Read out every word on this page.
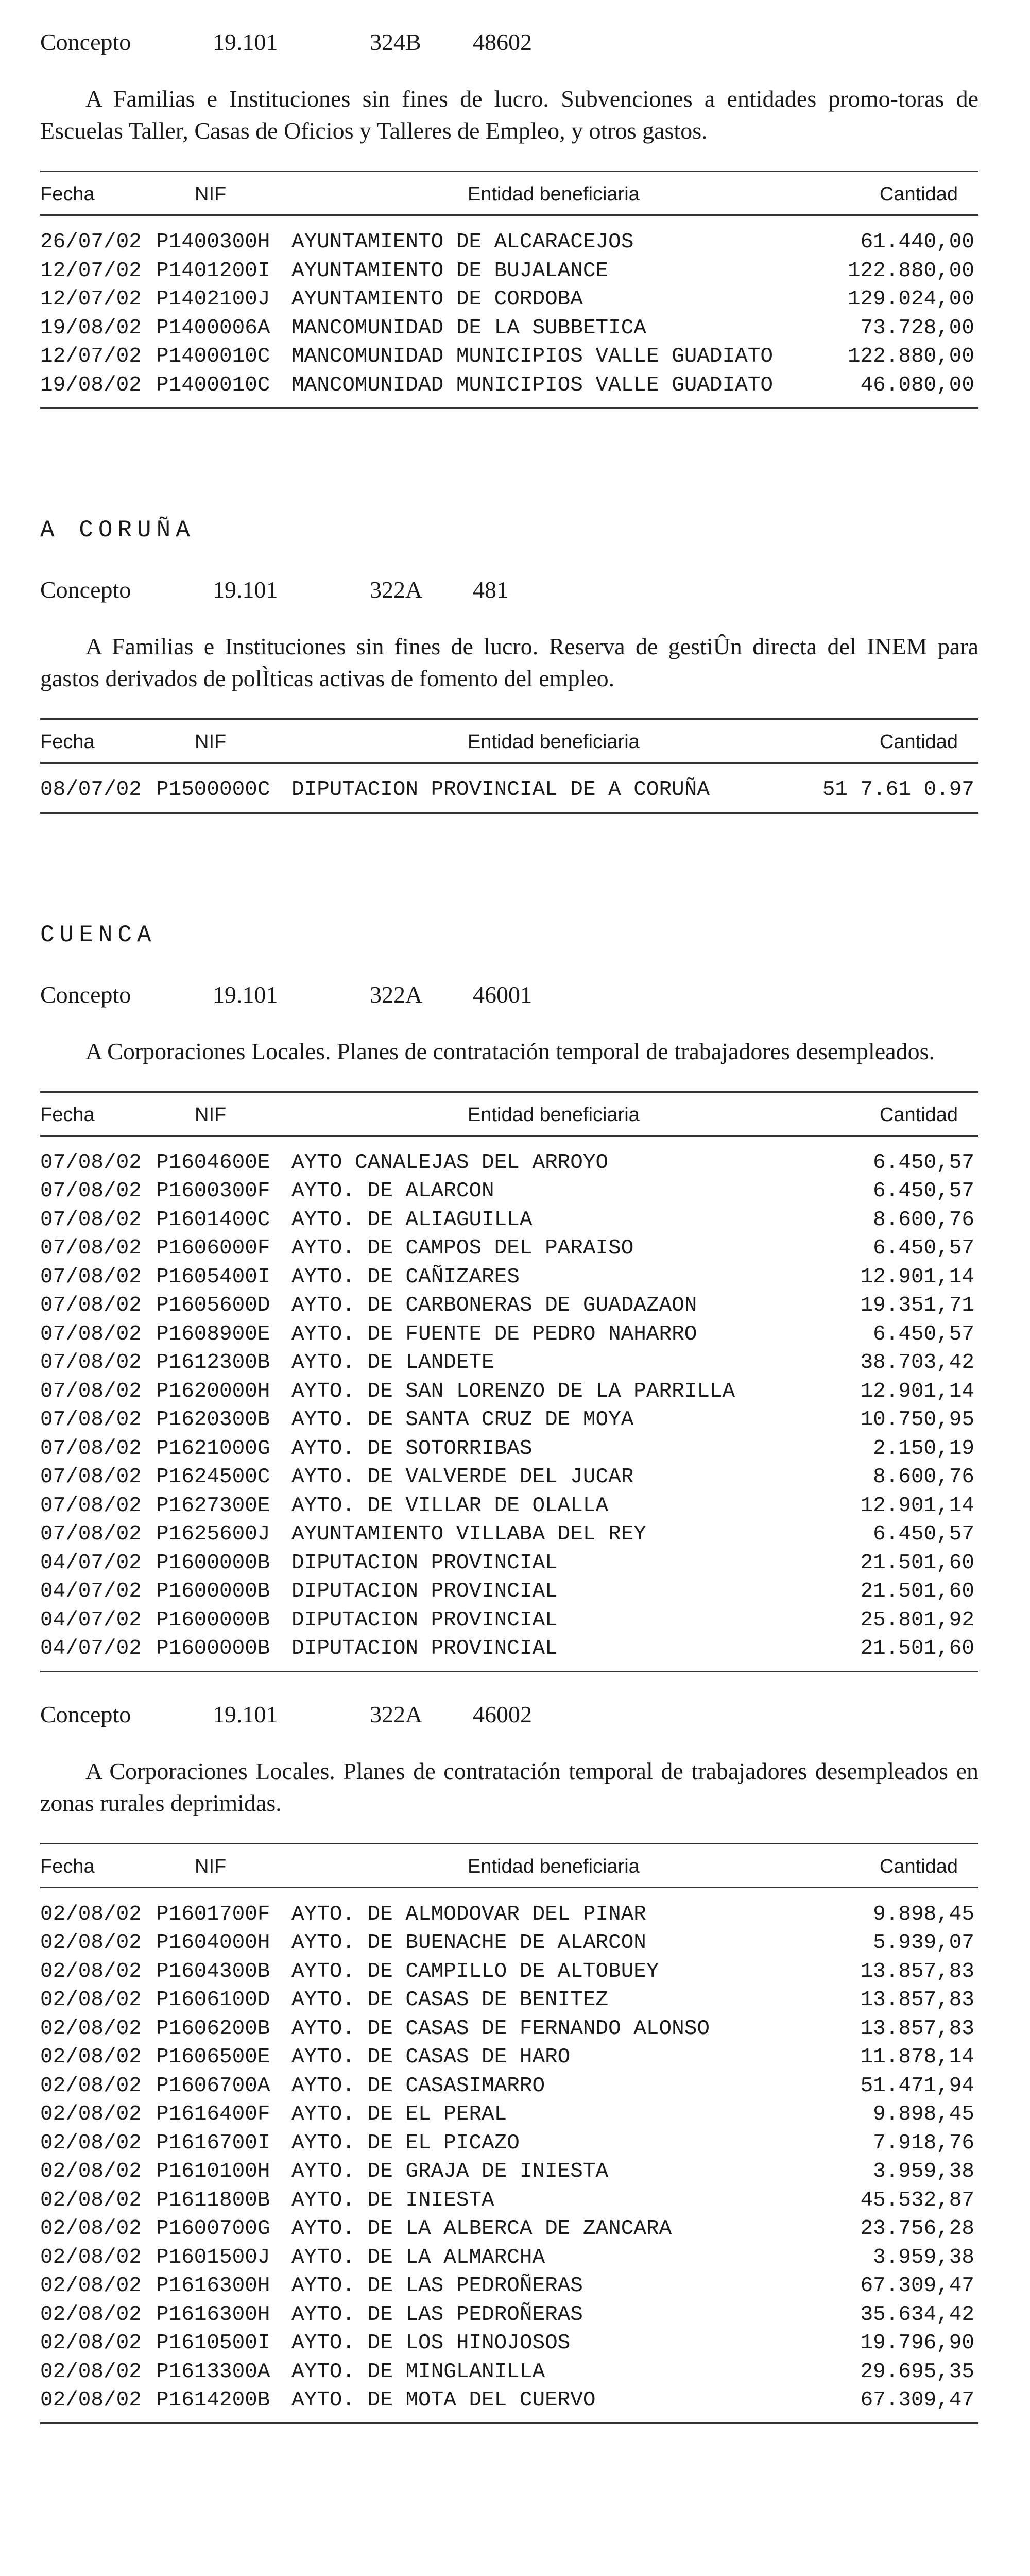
Concepto	19.101	324B 48602

A Familias e Instituciones sin fines de lucro. Subvenciones a entidades promo-toras de Escuelas Taller, Casas de Oficios y Talleres de Empleo, y otros gastos.

Fecha	NIF	Entidad beneficiaria	Cantidad
26/07/02 P1400300H AYUNTAMIENTO DE ALCARACEJOS	61.440,00
12/07/02 P1401200I AYUNTAMIENTO DE BUJALANCE	122.880,00
12/07/02 P1402100J AYUNTAMIENTO DE CORDOBA	129.024,00
19/08/02 P1400006A MANCOMUNIDAD DE LA SUBBETICA	73.728,00
12/07/02 P1400010C MANCOMUNIDAD MUNICIPIOS VALLE GUADIATO	122.880,00
19/08/02 P1400010C MANCOMUNIDAD MUNICIPIOS VALLE GUADIATO	46.080,00
A CORUÑA
Concepto	19.101	322A 481

A Familias e Instituciones sin fines de lucro. Reserva de gestiÛn directa del INEM para gastos derivados de polÌticas activas de fomento del empleo.

Fecha	NIF	Entidad beneficiaria	Cantidad
08/07/02 P1500000C DIPUTACION PROVINCIAL DE A CORUÑA	51 7.61 0.97
CUENCA
Concepto	19.101	322A 46001

A Corporaciones Locales. Planes de contratación temporal de trabajadores desempleados.

Fecha	NIF	Entidad beneficiaria	Cantidad
07/08/02 P1604600E AYTO CANALEJAS DEL ARROYO	6.450,57
07/08/02 P1600300F AYTO. DE ALARCON	6.450,57
07/08/02 P1601400C AYTO. DE ALIAGUILLA	8.600,76
07/08/02 P1606000F AYTO. DE CAMPOS DEL PARAISO	6.450,57
07/08/02 P1605400I AYTO. DE CAÑIZARES	12.901,14
07/08/02 P1605600D AYTO. DE CARBONERAS DE GUADAZAON	19.351,71
07/08/02 P1608900E AYTO. DE FUENTE DE PEDRO NAHARRO	6.450,57
07/08/02 P1612300B AYTO. DE LANDETE	38.703,42
07/08/02 P1620000H AYTO. DE SAN LORENZO DE LA PARRILLA	12.901,14
07/08/02 P1620300B AYTO. DE SANTA CRUZ DE MOYA	10.750,95
07/08/02 P1621000G AYTO. DE SOTORRIBAS	2.150,19
07/08/02 P1624500C AYTO. DE VALVERDE DEL JUCAR	8.600,76
07/08/02 P1627300E AYTO. DE VILLAR DE OLALLA	12.901,14
07/08/02 P1625600J AYUNTAMIENTO VILLABA DEL REY	6.450,57
04/07/02 P1600000B DIPUTACION PROVINCIAL	21.501,60
04/07/02 P1600000B DIPUTACION PROVINCIAL	21.501,60
04/07/02 P1600000B DIPUTACION PROVINCIAL	25.801,92
04/07/02 P1600000B DIPUTACION PROVINCIAL	21.501,60
Concepto	19.101	322A 46002

A Corporaciones Locales. Planes de contratación temporal de trabajadores desempleados en zonas rurales deprimidas.

Fecha	NIF	Entidad beneficiaria	Cantidad
02/08/02 P1601700F AYTO. DE ALMODOVAR DEL PINAR	9.898,45
02/08/02 P1604000H AYTO. DE BUENACHE DE ALARCON	5.939,07
02/08/02 P1604300B AYTO. DE CAMPILLO DE ALTOBUEY	13.857,83
02/08/02 P1606100D AYTO. DE CASAS DE BENITEZ	13.857,83
02/08/02 P1606200B AYTO. DE CASAS DE FERNANDO ALONSO	13.857,83
02/08/02 P1606500E AYTO. DE CASAS DE HARO	11.878,14
02/08/02 P1606700A AYTO. DE CASASIMARRO	51.471,94
02/08/02 P1616400F AYTO. DE EL PERAL	9.898,45
02/08/02 P1616700I AYTO. DE EL PICAZO	7.918,76
02/08/02 P1610100H AYTO. DE GRAJA DE INIESTA	3.959,38
02/08/02 P1611800B AYTO. DE INIESTA	45.532,87
02/08/02 P1600700G AYTO. DE LA ALBERCA DE ZANCARA	23.756,28
02/08/02 P1601500J AYTO. DE LA ALMARCHA	3.959,38
02/08/02 P1616300H AYTO. DE LAS PEDROÑERAS	67.309,47
02/08/02 P1616300H AYTO. DE LAS PEDROÑERAS	35.634,42
02/08/02 P1610500I AYTO. DE LOS HINOJOSOS	19.796,90
02/08/02 P1613300A AYTO. DE MINGLANILLA	29.695,35
02/08/02 P1614200B AYTO. DE MOTA DEL CUERVO	67.309,47
